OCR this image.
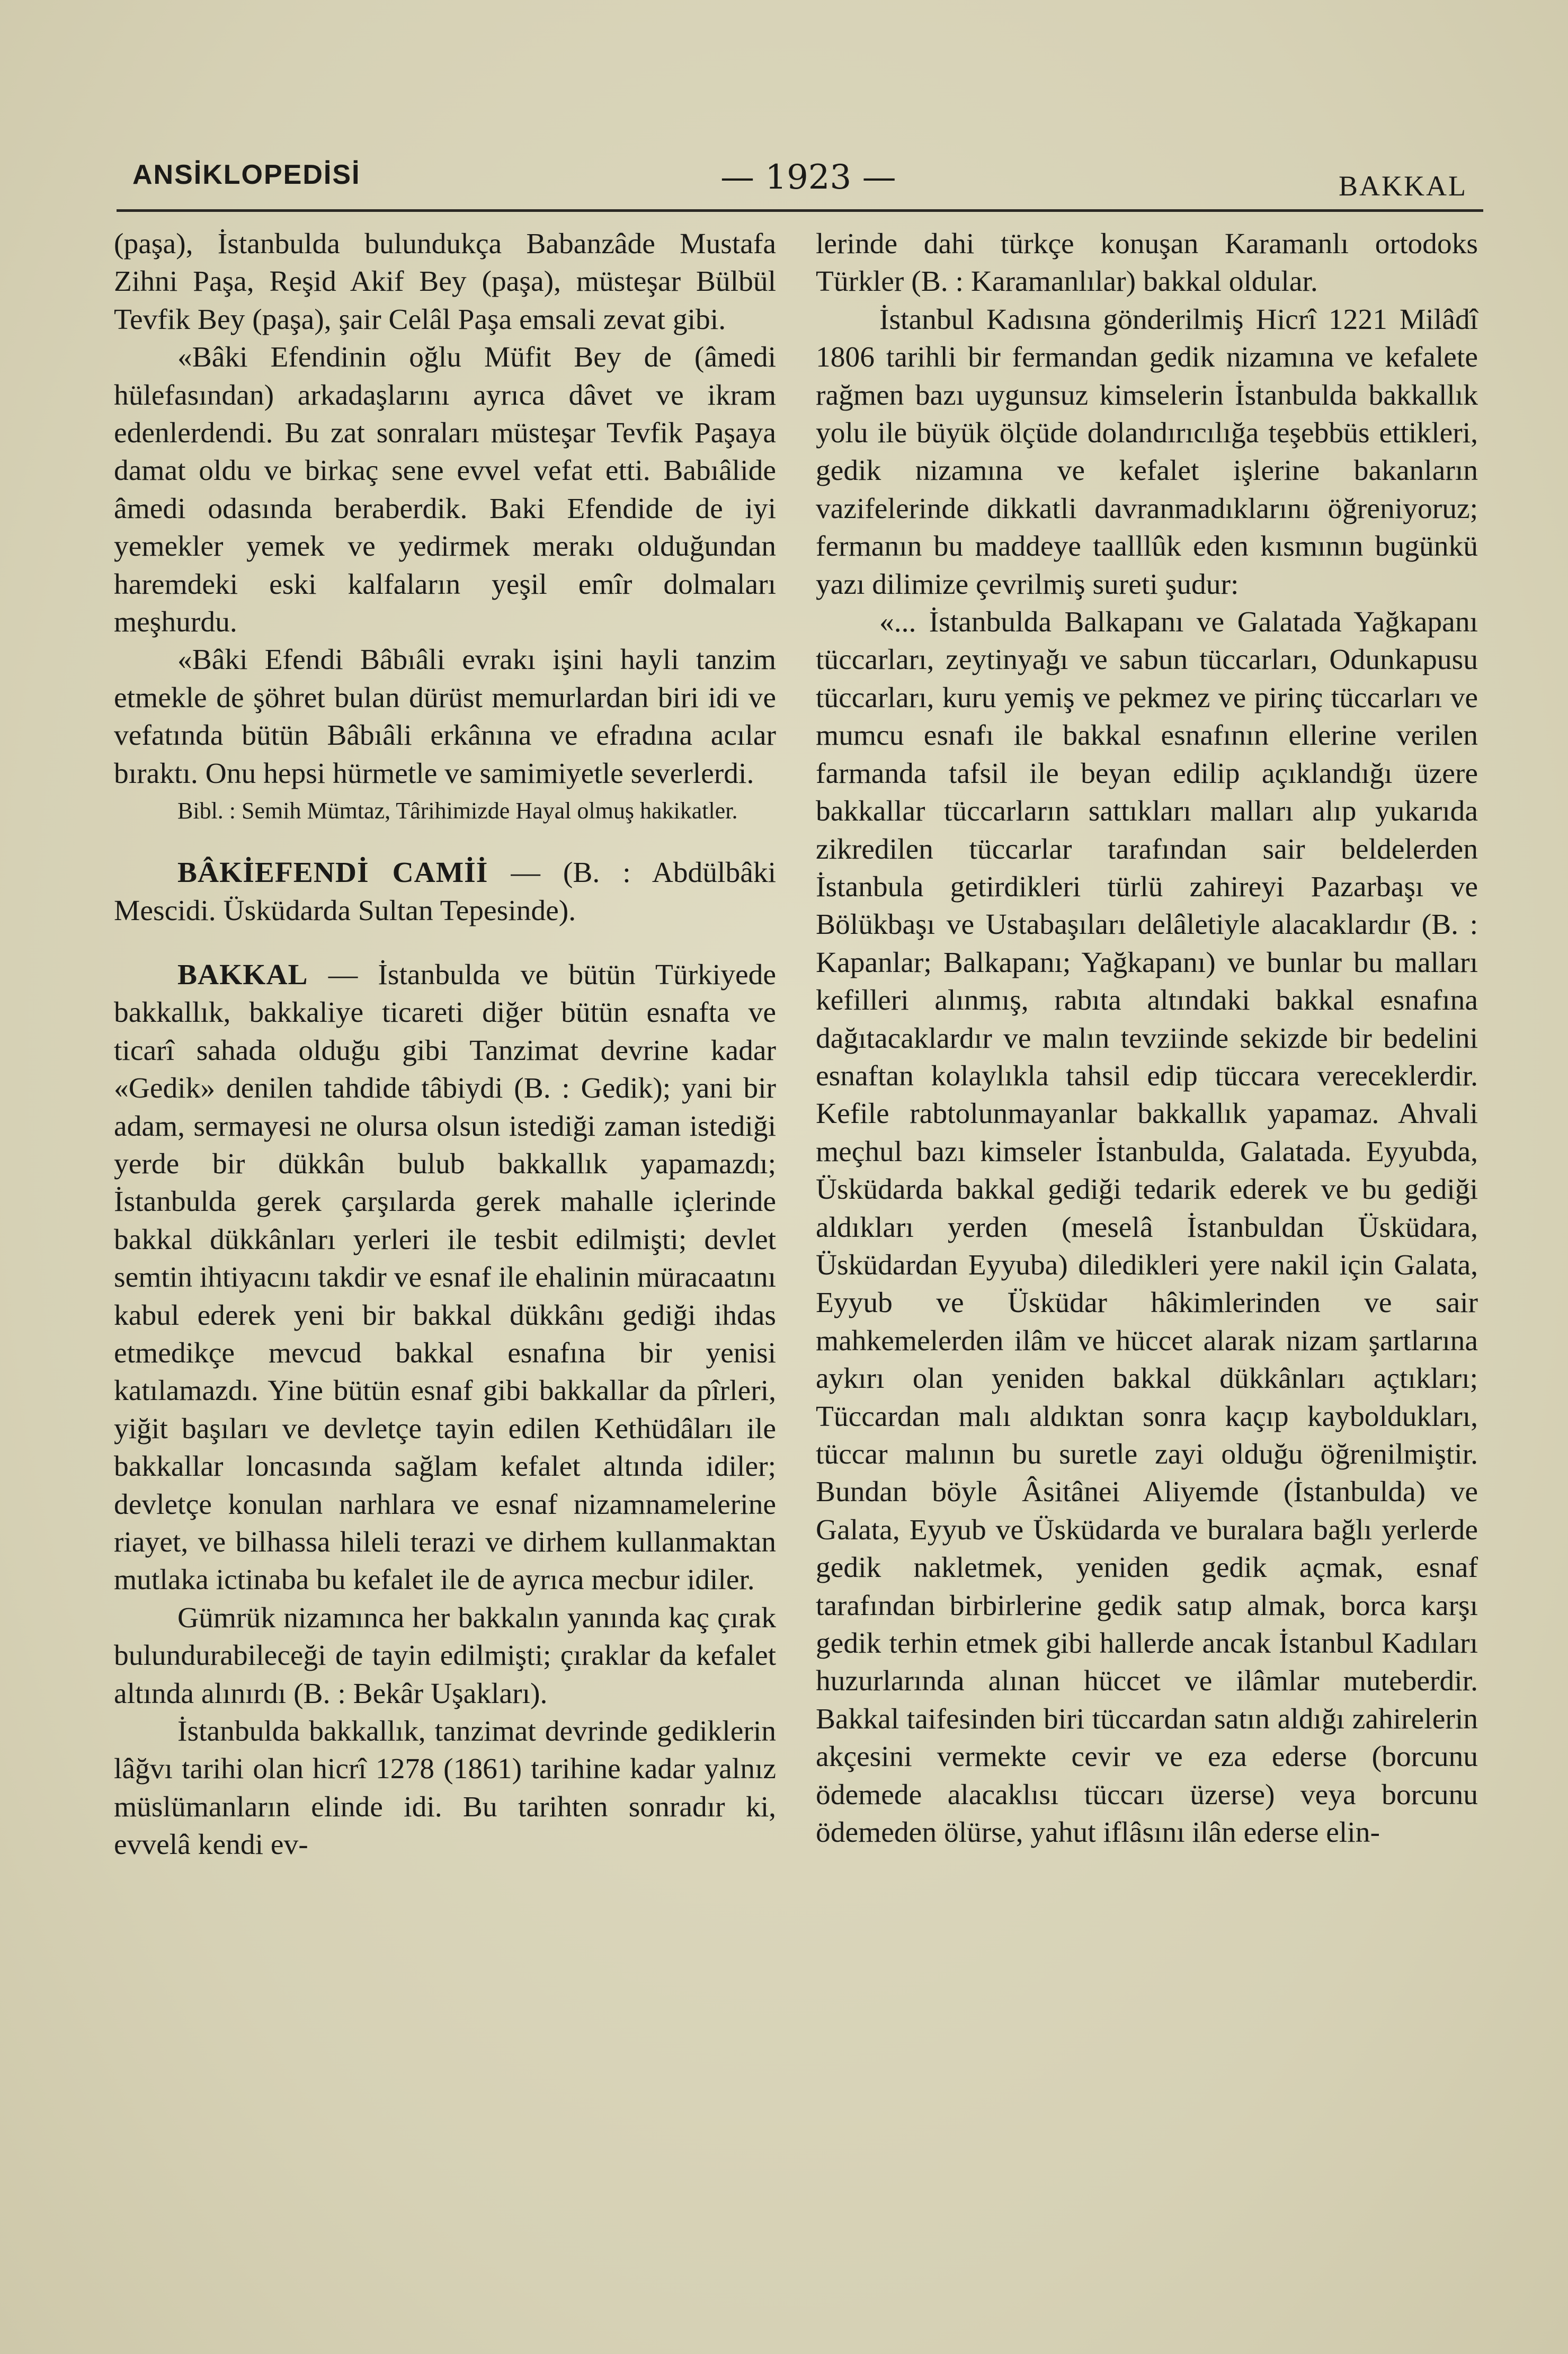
ANSİKLOPEDİSİ	— 1923 —	BAKKAL

(paşa), İstanbulda bulundukça Babanzâde Mustafa Zihni Paşa, Reşid Akif Bey (paşa), müsteşar Bülbül Tevfik Bey (paşa), şair Celâl Paşa emsali zevat gibi.

«Bâki Efendinin oğlu Müfit Bey de (âmedi hülefasından) arkadaşlarını ayrıca dâvet ve ikram edenlerdendi. Bu zat sonraları müsteşar Tevfik Paşaya damat oldu ve birkaç sene evvel vefat etti. Babıâlide âmedi odasında beraberdik. Baki Efendide de iyi yemekler yemek ve yedirmek merakı olduğundan haremdeki eski kalfaların yeşil emîr dolmaları meşhurdu.

«Bâki Efendi Bâbıâli evrakı işini hayli tanzim etmekle de şöhret bulan dürüst memurlardan biri idi ve vefatında bütün Bâbıâli erkânına ve efradına acılar bıraktı. Onu hepsi hürmetle ve samimiyetle severlerdi.

Bibl. : Semih Mümtaz, Târihimizde Hayal olmuş hakikatler.

BÂKİEFENDİ CAMİİ — (B. : Abdülbâki Mescidi. Üsküdarda Sultan Tepesinde).

BAKKAL — İstanbulda ve bütün Türkiyede bakkallık, bakkaliye ticareti diğer bütün esnafta ve ticarî sahada olduğu gibi Tanzimat devrine kadar «Gedik» denilen tahdide tâbiydi (B. : Gedik); yani bir adam, sermayesi ne olursa olsun istediği zaman istediği yerde bir dükkân bulub bakkallık yapamazdı; İstanbulda gerek çarşılarda gerek mahalle içlerinde bakkal dükkânları yerleri ile tesbit edilmişti; devlet semtin ihtiyacını takdir ve esnaf ile ehalinin müracaatını kabul ederek yeni bir bakkal dükkânı gediği ihdas etmedikçe mevcud bakkal esnafına bir yenisi katılamazdı. Yine bütün esnaf gibi bakkallar da pîrleri, yiğit başıları ve devletçe tayin edilen Kethüdâları ile bakkallar loncasında sağlam kefalet altında idiler; devletçe konulan narhlara ve esnaf nizamnamelerine riayet, ve bilhassa hileli terazi ve dirhem kullanmaktan mutlaka ictinaba bu kefalet ile de ayrıca mecbur idiler.

Gümrük nizamınca her bakkalın yanında kaç çırak bulundurabileceği de tayin edilmişti; çıraklar da kefalet altında alınırdı (B. : Bekâr Uşakları).

İstanbulda bakkallık, tanzimat devrinde gediklerin lâğvı tarihi olan hicrî 1278 (1861) tarihine kadar yalnız müslümanların elinde idi. Bu tarihten sonradır ki, evvelâ kendi ev-

lerinde dahi türkçe konuşan Karamanlı ortodoks Türkler (B. : Karamanlılar) bakkal oldular.

İstanbul Kadısına gönderilmiş Hicrî 1221 Milâdî 1806 tarihli bir fermandan gedik nizamına ve kefalete rağmen bazı uygunsuz kimselerin İstanbulda bakkallık yolu ile büyük ölçüde dolandırıcılığa teşebbüs ettikleri, gedik nizamına ve kefalet işlerine bakanların vazifelerinde dikkatli davranmadıklarını öğreniyoruz; fermanın bu maddeye taalllûk eden kısmının bugünkü yazı dilimize çevrilmiş sureti şudur:

«... İstanbulda Balkapanı ve Galatada Yağkapanı tüccarları, zeytinyağı ve sabun tüccarları, Odunkapusu tüccarları, kuru yemiş ve pekmez ve pirinç tüccarları ve mumcu esnafı ile bakkal esnafının ellerine verilen farmanda tafsil ile beyan edilip açıklandığı üzere bakkallar tüccarların sattıkları malları alıp yukarıda zikredilen tüccarlar tarafından sair beldelerden İstanbula getirdikleri türlü zahireyi Pazarbaşı ve Bölükbaşı ve Ustabaşıları delâletiyle alacaklardır (B. : Kapanlar; Balkapanı; Yağkapanı) ve bunlar bu malları kefilleri alınmış, rabıta altındaki bakkal esnafına dağıtacaklardır ve malın tevziinde sekizde bir bedelini esnaftan kolaylıkla tahsil edip tüccara vereceklerdir. Kefile rabtolunmayanlar bakkallık yapamaz. Ahvali meçhul bazı kimseler İstanbulda, Galatada. Eyyubda, Üsküdarda bakkal gediği tedarik ederek ve bu gediği aldıkları yerden (meselâ İstanbuldan Üsküdara, Üsküdardan Eyyuba) diledikleri yere nakil için Galata, Eyyub ve Üsküdar hâkimlerinden ve sair mahkemelerden ilâm ve hüccet alarak nizam şartlarına aykırı olan yeniden bakkal dükkânları açtıkları; Tüccardan malı aldıktan sonra kaçıp kayboldukları, tüccar malının bu suretle zayi olduğu öğrenilmiştir. Bundan böyle Âsitânei Aliyemde (İstanbulda) ve Galata, Eyyub ve Üsküdarda ve buralara bağlı yerlerde gedik nakletmek, yeniden gedik açmak, esnaf tarafından birbirlerine gedik satıp almak, borca karşı gedik terhin etmek gibi hallerde ancak İstanbul Kadıları huzurlarında alınan hüccet ve ilâmlar muteberdir. Bakkal taifesinden biri tüccardan satın aldığı zahirelerin akçesini vermekte cevir ve eza ederse (borcunu ödemede alacaklısı tüccarı üzerse) veya borcunu ödemeden ölürse, yahut iflâsını ilân ederse elin-
